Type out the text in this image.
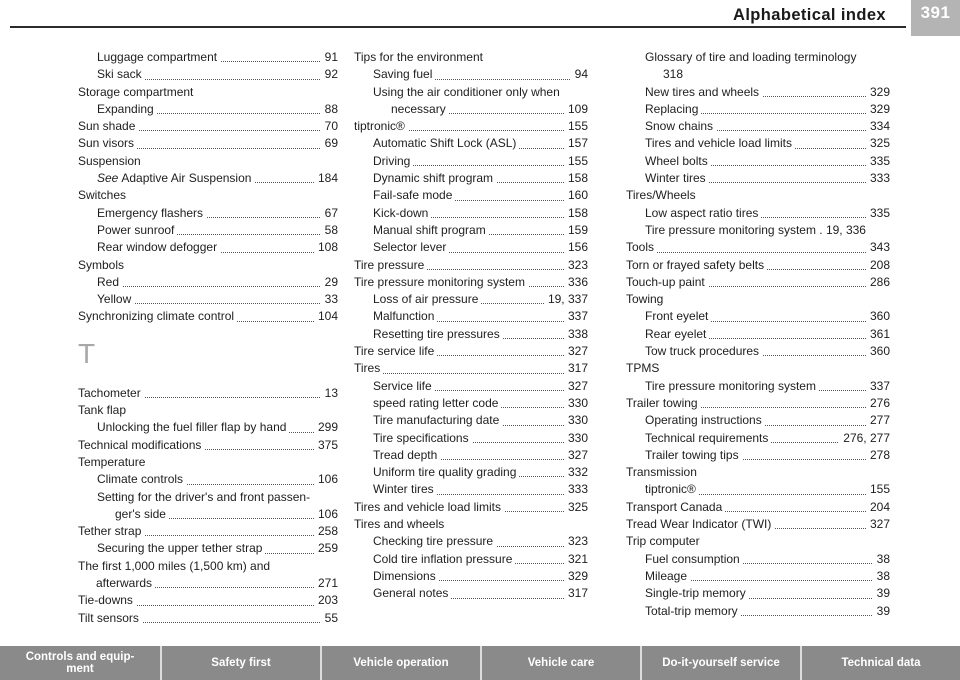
Alphabetical index	391
Luggage compartment	91
Ski sack	92
Storage compartment
Expanding	88
Sun shade	70
Sun visors	69
Suspension
See Adaptive Air Suspension	184
Switches
Emergency flashers	67
Power sunroof	58
Rear window defogger	108
Symbols
Red	29
Yellow	33
Synchronizing climate control	104
T
Tachometer	13
Tank flap
Unlocking the fuel filler flap by hand	299
Technical modifications	375
Temperature
Climate controls	106
Setting for the driver's and front passen-
ger's side	106
Tether strap	258
Securing the upper tether strap	259
The first 1,000 miles (1,500 km) and
afterwards	271
Tie-downs	203
Tilt sensors	55
Tips for the environment
Saving fuel	94
Using the air conditioner only when
necessary	109
tiptronic®	155
Automatic Shift Lock (ASL)	157
Driving	155
Dynamic shift program	158
Fail-safe mode	160
Kick-down	158
Manual shift program	159
Selector lever	156
Tire pressure	323
Tire pressure monitoring system	336
Loss of air pressure	19, 337
Malfunction	337
Resetting tire pressures	338
Tire service life	327
Tires	317
Service life	327
speed rating letter code	330
Tire manufacturing date	330
Tire specifications	330
Tread depth	327
Uniform tire quality grading	332
Winter tires	333
Tires and vehicle load limits	325
Tires and wheels
Checking tire pressure	323
Cold tire inflation pressure	321
Dimensions	329
General notes	317
Glossary of tire and loading terminology
318
New tires and wheels	329
Replacing	329
Snow chains	334
Tires and vehicle load limits	325
Wheel bolts	335
Winter tires	333
Tires/Wheels
Low aspect ratio tires	335
Tire pressure monitoring system . 19, 336
Tools	343
Torn or frayed safety belts	208
Touch-up paint	286
Towing
Front eyelet	360
Rear eyelet	361
Tow truck procedures	360
TPMS
Tire pressure monitoring system	337
Trailer towing	276
Operating instructions	277
Technical requirements	276, 277
Trailer towing tips	278
Transmission
tiptronic®	155
Transport Canada	204
Tread Wear Indicator (TWI)	327
Trip computer
Fuel consumption	38
Mileage	38
Single-trip memory	39
Total-trip memory	39
Controls and equip-
ment	Safety first	Vehicle operation	Vehicle care	Do-it-yourself service	Technical data
